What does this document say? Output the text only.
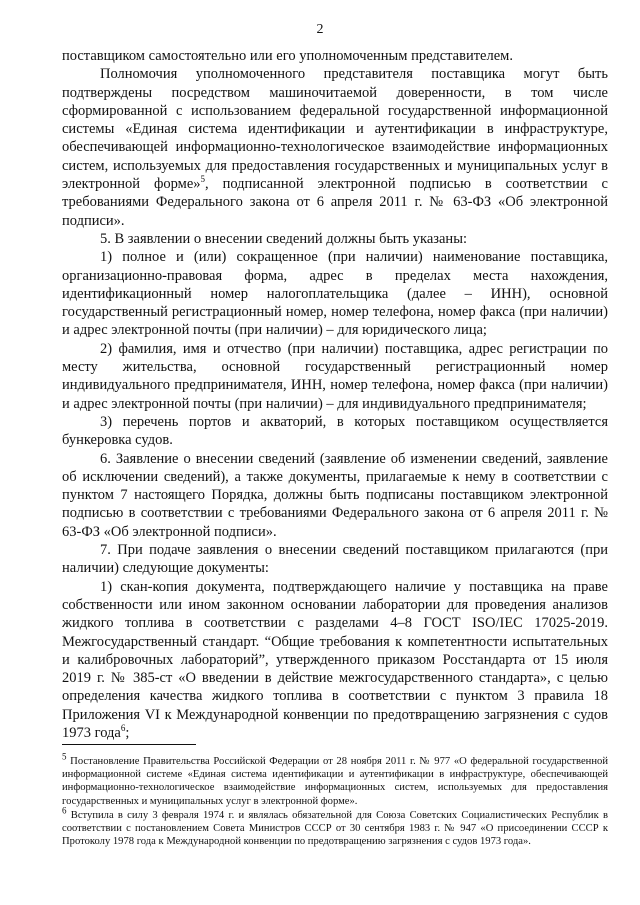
2

поставщиком самостоятельно или его уполномоченным представителем.

Полномочия уполномоченного представителя поставщика могут быть подтверждены посредством машиночитаемой доверенности, в том числе сформированной с использованием федеральной государственной информационной системы «Единая система идентификации и аутентификации в инфраструктуре, обеспечивающей информационно-технологическое взаимодействие информационных систем, используемых для предоставления государственных и муниципальных услуг в электронной форме»$^5$, подписанной электронной подписью в соответствии с требованиями Федерального закона от 6 апреля 2011 г. № 63-ФЗ «Об электронной подписи».

5. В заявлении о внесении сведений должны быть указаны:

1) полное и (или) сокращенное (при наличии) наименование поставщика, организационно-правовая форма, адрес в пределах места нахождения, идентификационный номер налогоплательщика (далее – ИНН), основной государственный регистрационный номер, номер телефона, номер факса (при наличии) и адрес электронной почты (при наличии) – для юридического лица;

2) фамилия, имя и отчество (при наличии) поставщика, адрес регистрации по месту жительства, основной государственный регистрационный номер индивидуального предпринимателя, ИНН, номер телефона, номер факса (при наличии) и адрес электронной почты (при наличии) – для индивидуального предпринимателя;

3) перечень портов и акваторий, в которых поставщиком осуществляется бункеровка судов.

6. Заявление о внесении сведений (заявление об изменении сведений, заявление об исключении сведений), а также документы, прилагаемые к нему в соответствии с пунктом 7 настоящего Порядка, должны быть подписаны поставщиком электронной подписью в соответствии с требованиями Федерального закона от 6 апреля 2011 г. № 63-ФЗ «Об электронной подписи».

7. При подаче заявления о внесении сведений поставщиком прилагаются (при наличии) следующие документы:

1) скан-копия документа, подтверждающего наличие у поставщика на праве собственности или ином законном основании лаборатории для проведения анализов жидкого топлива в соответствии с разделами 4–8 ГОСТ ISO/IEC 17025-2019. Межгосударственный стандарт. “Общие требования к компетентности испытательных и калибровочных лабораторий”, утвержденного приказом Росстандарта от 15 июля 2019 г. № 385-ст «О введении в действие межгосударственного стандарта», с целью определения качества жидкого топлива в соответствии с пунктом 3 правила 18 Приложения VI к Международной конвенции по предотвращению загрязнения с судов 1973 года$^6$;

$^5$ Постановление Правительства Российской Федерации от 28 ноября 2011 г. № 977 «О федеральной государственной информационной системе «Единая система идентификации и аутентификации в инфраструктуре, обеспечивающей информационно-технологическое взаимодействие информационных систем, используемых для предоставления государственных и муниципальных услуг в электронной форме».

$^6$ Вступила в силу 3 февраля 1974 г. и являлась обязательной для Союза Советских Социалистических Республик в соответствии с постановлением Совета Министров СССР от 30 сентября 1983 г. № 947 «О присоединении СССР к Протоколу 1978 года к Международной конвенции по предотвращению загрязнения с судов 1973 года».
